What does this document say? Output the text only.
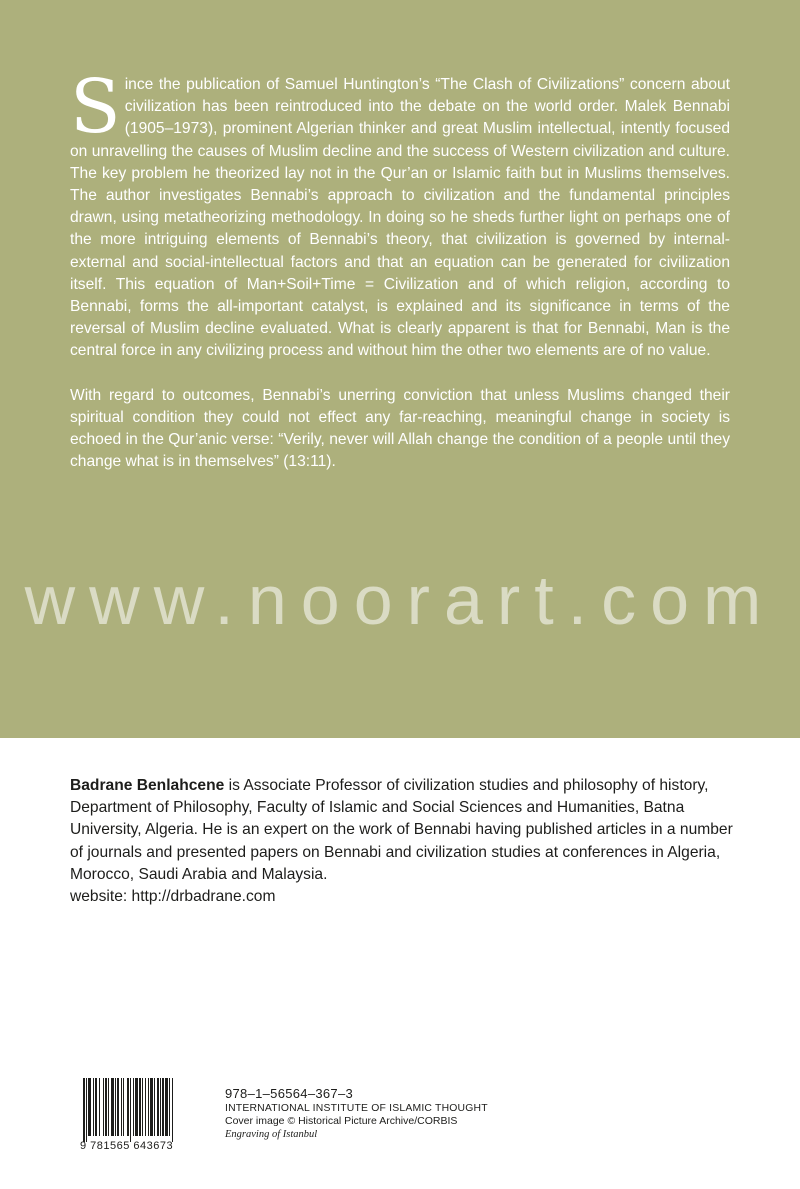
Since the publication of Samuel Huntington’s “The Clash of Civilizations” concern about civilization has been reintroduced into the debate on the world order. Malek Bennabi (1905–1973), prominent Algerian thinker and great Muslim intellectual, intently focused on unravelling the causes of Muslim decline and the success of Western civilization and culture. The key problem he theorized lay not in the Qur’an or Islamic faith but in Muslims themselves. The author investigates Bennabi’s approach to civilization and the fundamental principles drawn, using metatheorizing methodology. In doing so he sheds further light on perhaps one of the more intriguing elements of Bennabi’s theory, that civilization is governed by internal-external and social-intellectual factors and that an equation can be generated for civilization itself. This equation of Man+Soil+Time = Civilization and of which religion, according to Bennabi, forms the all-important catalyst, is explained and its significance in terms of the reversal of Muslim decline evaluated. What is clearly apparent is that for Bennabi, Man is the central force in any civilizing process and without him the other two elements are of no value.

With regard to outcomes, Bennabi’s unerring conviction that unless Muslims changed their spiritual condition they could not effect any far-reaching, meaningful change in society is echoed in the Qur’anic verse: “Verily, never will Allah change the condition of a people until they change what is in themselves” (13:11).

www.noorart.com

Badrane Benlahcene is Associate Professor of civilization studies and philosophy of history, Department of Philosophy, Faculty of Islamic and Social Sciences and Humanities, Batna University, Algeria. He is an expert on the work of Bennabi having published articles in a number of journals and presented papers on Bennabi and civilization studies at conferences in Algeria, Morocco, Saudi Arabia and Malaysia.

website: http://drbadrane.com

9 781565 643673
978–1–56564–367–3
INTERNATIONAL INSTITUTE OF ISLAMIC THOUGHT
Cover image © Historical Picture Archive/CORBIS
Engraving of Istanbul
